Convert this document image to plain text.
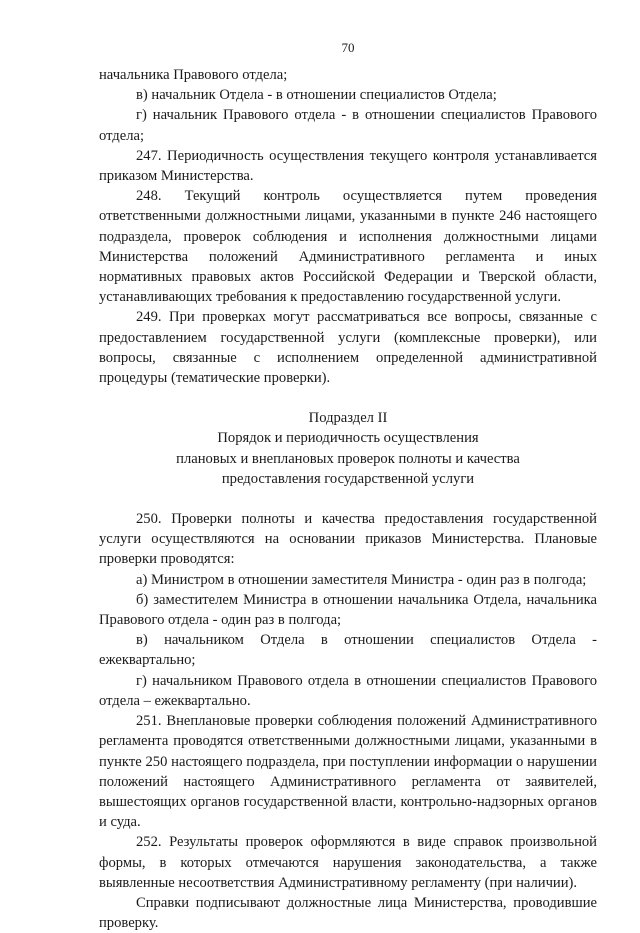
70

начальника Правового отдела;

в) начальник Отдела - в отношении специалистов Отдела;

г) начальник Правового отдела - в отношении специалистов Правового отдела;

247. Периодичность осуществления текущего контроля устанавливается приказом Министерства.

248. Текущий контроль осуществляется путем проведения ответственными должностными лицами, указанными в пункте 246 настоящего подраздела, проверок соблюдения и исполнения должностными лицами Министерства положений Административного регламента и иных нормативных правовых актов Российской Федерации и Тверской области, устанавливающих требования к предоставлению государственной услуги.

249. При проверках могут рассматриваться все вопросы, связанные с предоставлением государственной услуги (комплексные проверки), или вопросы, связанные с исполнением определенной административной процедуры (тематические проверки).

Подраздел II

Порядок и периодичность осуществления

плановых и внеплановых проверок полноты и качества

предоставления государственной услуги

250. Проверки полноты и качества предоставления государственной услуги осуществляются на основании приказов Министерства. Плановые проверки проводятся:

а) Министром в отношении заместителя Министра - один раз в полгода;

б) заместителем Министра в отношении начальника Отдела, начальника Правового отдела - один раз в полгода;

в) начальником Отдела в отношении специалистов Отдела - ежеквартально;

г) начальником Правового отдела в отношении специалистов Правового отдела – ежеквартально.

251. Внеплановые проверки соблюдения положений Административного регламента проводятся ответственными должностными лицами, указанными в пункте 250 настоящего подраздела, при поступлении информации о нарушении положений настоящего Административного регламента от заявителей, вышестоящих органов государственной власти, контрольно-надзорных органов и суда.

252. Результаты проверок оформляются в виде справок произвольной формы, в которых отмечаются нарушения законодательства, а также выявленные несоответствия Административному регламенту (при наличии).

Справки подписывают должностные лица Министерства, проводившие проверку.
